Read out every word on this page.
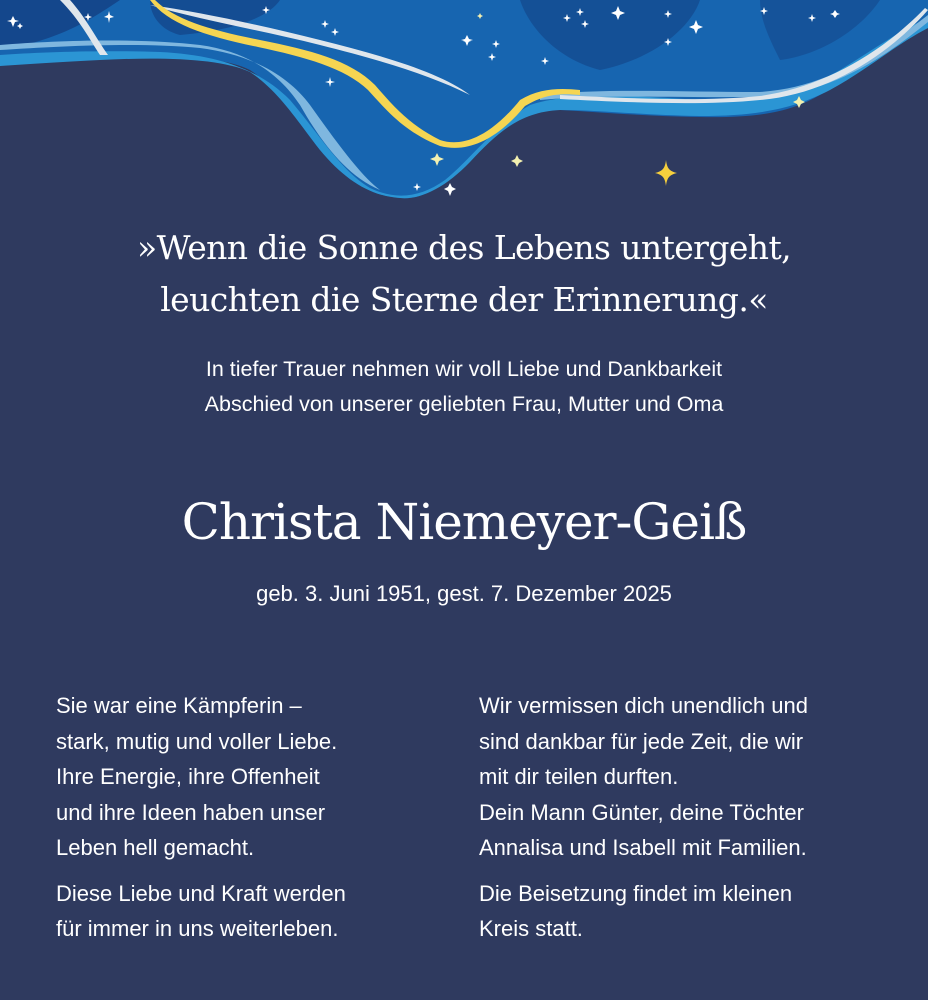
»Wenn die Sonne des Lebens untergeht,
leuchten die Sterne der Erinnerung.«
In tiefer Trauer nehmen wir voll Liebe und Dankbarkeit
Abschied von unserer geliebten Frau, Mutter und Oma
Christa Niemeyer-Geiß
geb. 3. Juni 1951, gest. 7. Dezember 2025
Sie war eine Kämpferin –
stark, mutig und voller Liebe.
Ihre Energie, ihre Offenheit
und ihre Ideen haben unser
Leben hell gemacht.
Diese Liebe und Kraft werden
für immer in uns weiterleben.
Wir vermissen dich unendlich und
sind dankbar für jede Zeit, die wir
mit dir teilen durften.
Dein Mann Günter, deine Töchter
Annalisa und Isabell mit Familien.
Die Beisetzung findet im kleinen
Kreis statt.
